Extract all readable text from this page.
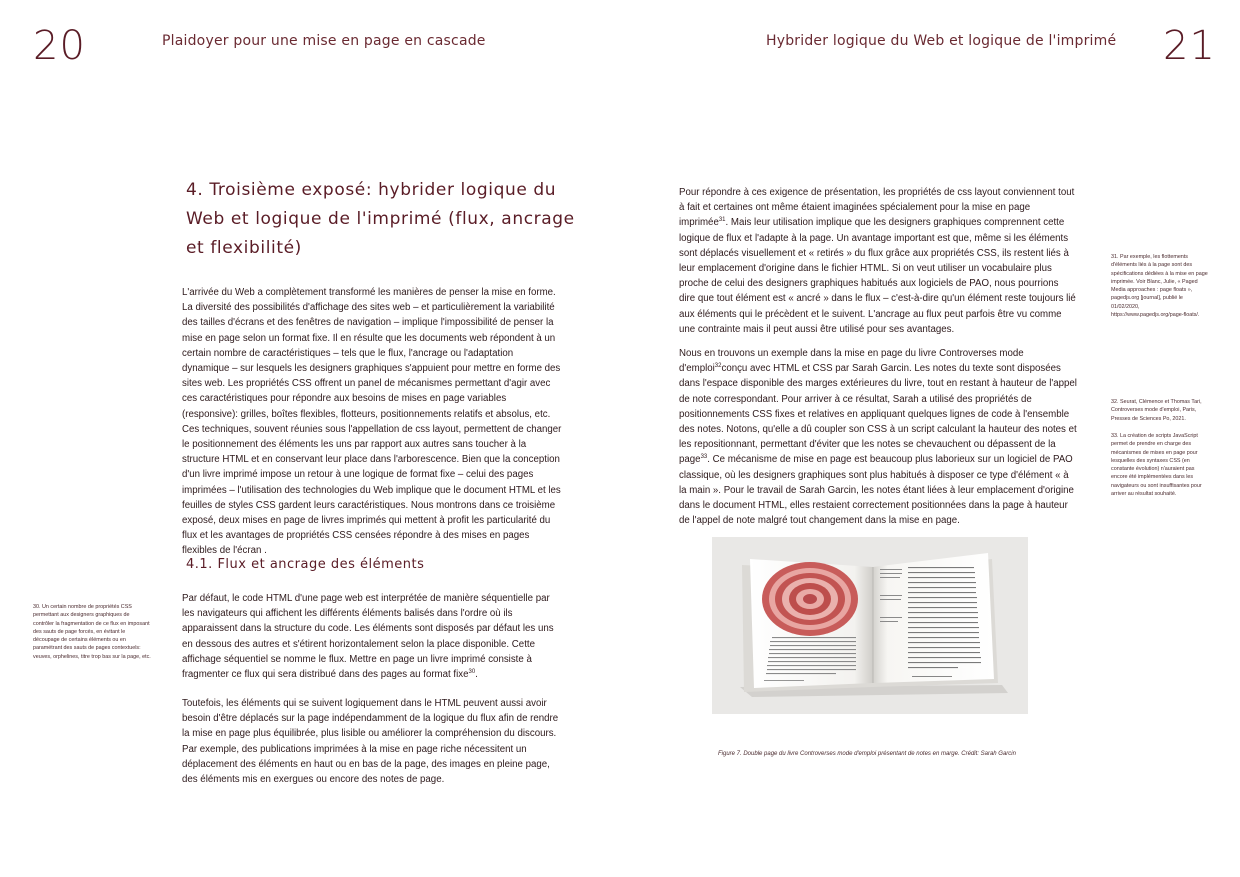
20	Plaidoyer pour une mise en page en cascade
4. Troisième exposé: hybrider logique du Web et logique de l'imprimé (flux, ancrage et flexibilité)

L'arrivée du Web a complètement transformé les manières de penser la mise en forme. La diversité des possibilités d'affichage des sites web – et particulièrement la variabilité des tailles d'écrans et des fenêtres de navigation – implique l'impossibilité de penser la mise en page selon un format fixe. Il en résulte que les documents web répondent à un certain nombre de caractéristiques – tels que le flux, l'ancrage ou l'adaptation dynamique – sur lesquels les designers graphiques s'appuient pour mettre en forme des sites web. Les propriétés CSS offrent un panel de mécanismes permettant d'agir avec ces caractéristiques pour répondre aux besoins de mises en page variables (responsive): grilles, boîtes flexibles, flotteurs, positionnements relatifs et absolus, etc. Ces techniques, souvent réunies sous l'appellation de css layout, permettent de changer le positionnement des éléments les uns par rapport aux autres sans toucher à la structure HTML et en conservant leur place dans l'arborescence. Bien que la conception d'un livre imprimé impose un retour à une logique de format fixe – celui des pages imprimées – l'utilisation des technologies du Web implique que le document HTML et les feuilles de styles CSS gardent leurs caractéristiques. Nous montrons dans ce troisième exposé, deux mises en page de livres imprimés qui mettent à profit les particularité du flux et les avantages de propriétés CSS censées répondre à des mises en pages flexibles de l'écran .

4.1. Flux et ancrage des éléments

Par défaut, le code HTML d'une page web est interprétée de manière séquentielle par les navigateurs qui affichent les différents éléments balisés dans l'ordre où ils apparaissent dans la structure du code. Les éléments sont disposés par défaut les uns en dessous des autres et s'étirent horizontalement selon la place disponible. Cette affichage séquentiel se nomme le flux. Mettre en page un livre imprimé consiste à fragmenter ce flux qui sera distribué dans des pages au format fixe$^{30}$.

Toutefois, les éléments qui se suivent logiquement dans le HTML peuvent aussi avoir besoin d'être déplacés sur la page indépendamment de la logique du flux afin de rendre la mise en page plus équilibrée, plus lisible ou améliorer la compréhension du discours. Par exemple, des publications imprimées à la mise en page riche nécessitent un déplacement des éléments en haut ou en bas de la page, des images en pleine page, des éléments mis en exergues ou encore des notes de page.

30. Un certain nombre de propriétés CSS permettant aux designers graphiques de contrôler la fragmentation de ce flux en imposant des sauts de page forcés, en évitant le découpage de certains éléments ou en paramétrant des sauts de pages contextuels: veuves, orphelines, titre trop bas sur la page, etc.

Hybrider logique du Web et logique de l'imprimé 21

Pour répondre à ces exigence de présentation, les propriétés de css layout conviennent tout à fait et certaines ont même étaient imaginées spécialement pour la mise en page imprimée$^{31}$. Mais leur utilisation implique que les designers graphiques comprennent cette logique de flux et l'adapte à la page. Un avantage important est que, même si les éléments sont déplacés visuellement et « retirés » du flux grâce aux propriétés CSS, ils restent liés à leur emplacement d'origine dans le fichier HTML. Si on veut utiliser un vocabulaire plus proche de celui des designers graphiques habitués aux logiciels de PAO, nous pourrions dire que tout élément est « ancré » dans le flux – c'est-à-dire qu'un élément reste toujours lié aux éléments qui le précèdent et le suivent. L'ancrage au flux peut parfois être vu comme une contrainte mais il peut aussi être utilisé pour ses avantages.

Nous en trouvons un exemple dans la mise en page du livre Controverses mode d'emploi$^{32}$conçu avec HTML et CSS par Sarah Garcin. Les notes du texte sont disposées dans l'espace disponible des marges extérieures du livre, tout en restant à hauteur de l'appel de note correspondant. Pour arriver à ce résultat, Sarah a utilisé des propriétés de positionnements CSS fixes et relatives en appliquant quelques lignes de code à l'ensemble des notes. Notons, qu'elle a dû coupler son CSS à un script calculant la hauteur des notes et les repositionnant, permettant d'éviter que les notes se chevauchent ou dépassent de la page$^{33}$. Ce mécanisme de mise en page est beaucoup plus laborieux sur un logiciel de PAO classique, où les designers graphiques sont plus habitués à disposer ce type d'élément « à la main ». Pour le travail de Sarah Garcin, les notes étant liées à leur emplacement d'origine dans le document HTML, elles restaient correctement positionnées dans la page à hauteur de l'appel de note malgré tout changement dans la mise en page.

31. Par exemple, les flottements d'éléments liés à la page sont des spécifications dédiées à la mise en page imprimée. Voir Blanc, Julie, « Paged Media approaches : page floats », pagedjs.org [journal], publié le 01/02/2020, https://www.pagedjs.org/page-floats/.

32. Seurat, Clémence et Thomas Tari, Controverses mode d'emploi, Paris, Presses de Sciences Po, 2021.

33. La création de scripts JavaScript permet de prendre en charge des mécanismes de mises en page pour lesquelles des syntaxes CSS (en constante évolution) n'auraient pas encore été implémentées dans les navigateurs ou sont insuffisantes pour arriver au résultat souhaité.

Figure 7. Double page du livre Controverses mode d'emploi présentant de notes en marge. Crédit: Sarah Garcin
